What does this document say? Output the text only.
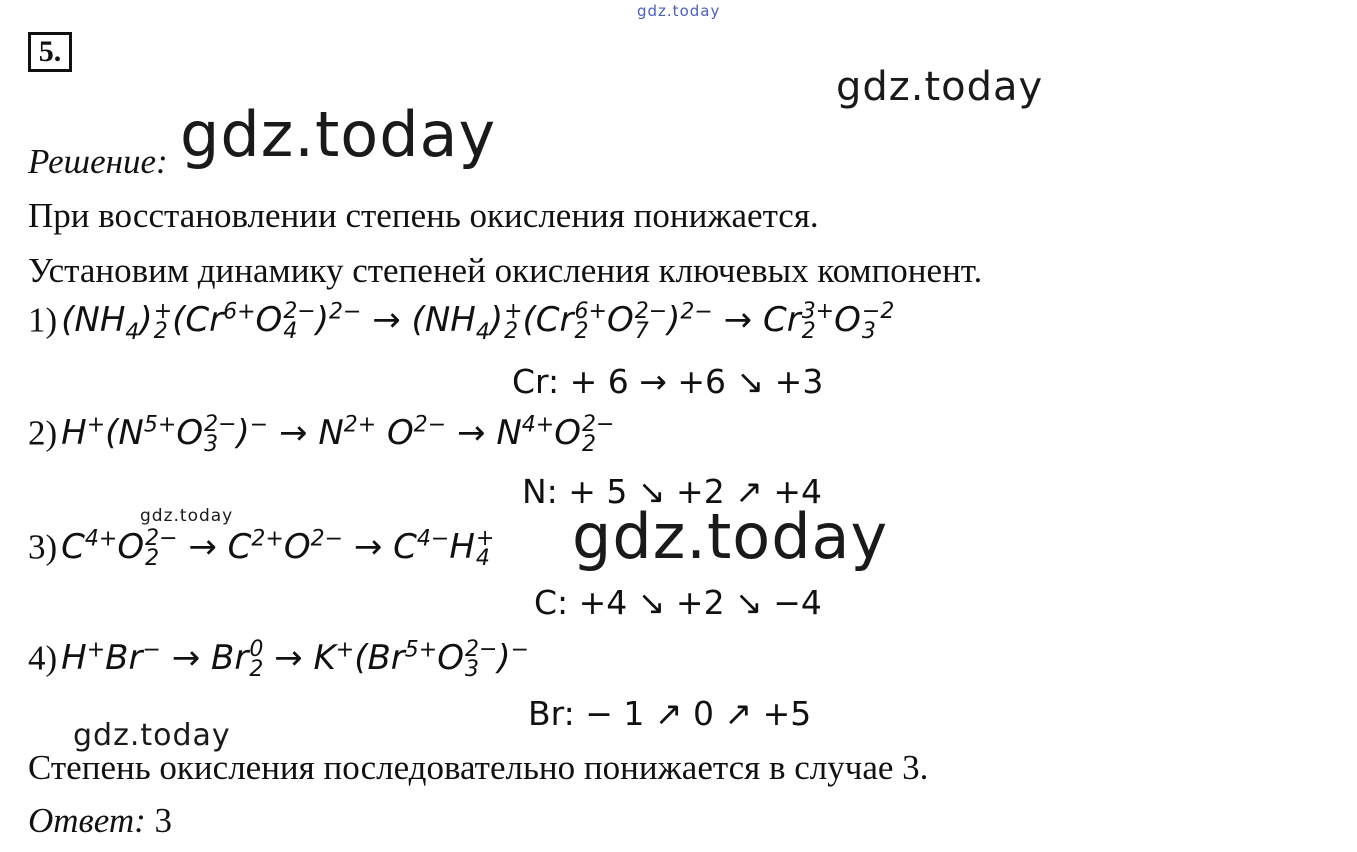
5.
gdz.today
gdz.today
gdz.today
gdz.today
gdz.today
Решение:
При восстановлении степень окисления понижается.
Установим динамику степеней окисления ключевых компонент.
1) $(NH_4)$ +
2 ($Cr^{6+}O$ 2−
4 )$^{2-} \to (NH_4)$ +
2 (Cr 6+
2 O 2−
7 )$^{2-}$ → Cr 3+
2 O −2
3
Cr: + 6 → +6 ↘ +3
2) $H^+(N^{5+}O$ 2−
3 )$^- \to N^{2+}$ $O^{2-} \to N^{4+}O$ 2−
2
N: + 5 ↘ +2 ↗ +4
3) $C^{4+}O$ 2−
$2 \to C^{2+}O^{2-} \to C^{4-}H$ +
4
C: +4 ↘ +2 ↘ −4
4) H+Br− → Br 0
$2 \to K^+(Br^{5+}O$ 2−
3 )−
Br: − 1 ↗ 0 ↗ +5
gdz.today
Степень окисления последовательно понижается в случае 3.
Ответ: 3
